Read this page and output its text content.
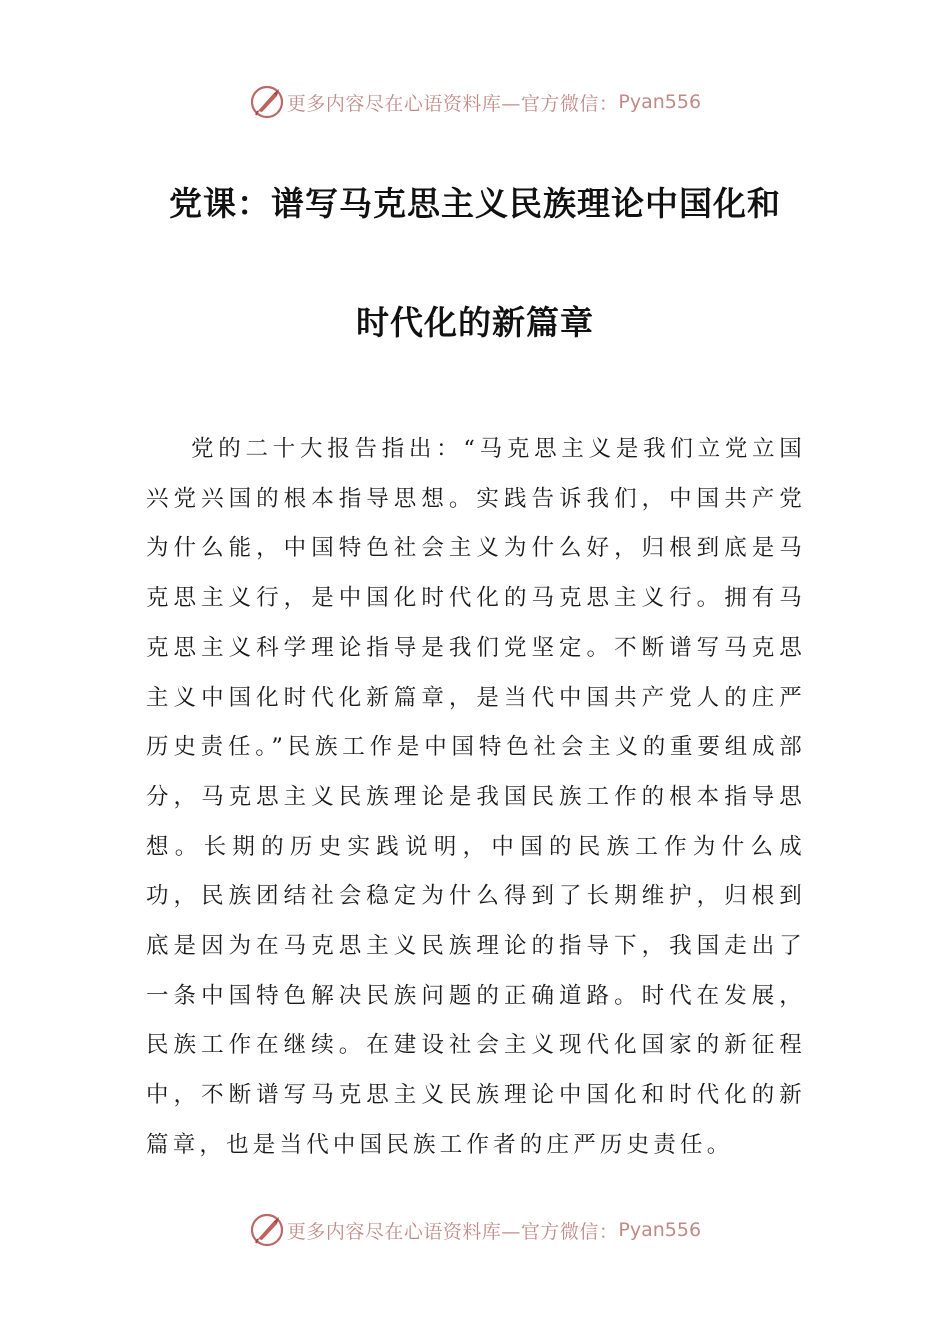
更多内容尽在心语资料库—官方微信： Pyan556
党课：谱写马克思主义民族理论中国化和
时代化的新篇章

党的二十大报告指出：“马克思主义是我们立党立国兴党兴国的根本指导思想。实践告诉我们，中国共产党为什么能，中国特色社会主义为什么好，归根到底是马克思主义行，是中国化时代化的马克思主义行。拥有马克思主义科学理论指导是我们党坚定。不断谱写马克思主义中国化时代化新篇章，是当代中国共产党人的庄严历史责任。”民族工作是中国特色社会主义的重要组成部分，马克思主义民族理论是我国民族工作的根本指导思想。长期的历史实践说明，中国的民族工作为什么成功，民族团结社会稳定为什么得到了长期维护，归根到底是因为在马克思主义民族理论的指导下，我国走出了一条中国特色解决民族问题的正确道路。时代在发展，民族工作在继续。在建设社会主义现代化国家的新征程中，不断谱写马克思主义民族理论中国化和时代化的新篇章，也是当代中国民族工作者的庄严历史责任。

更多内容尽在心语资料库—官方微信： Pyan556
